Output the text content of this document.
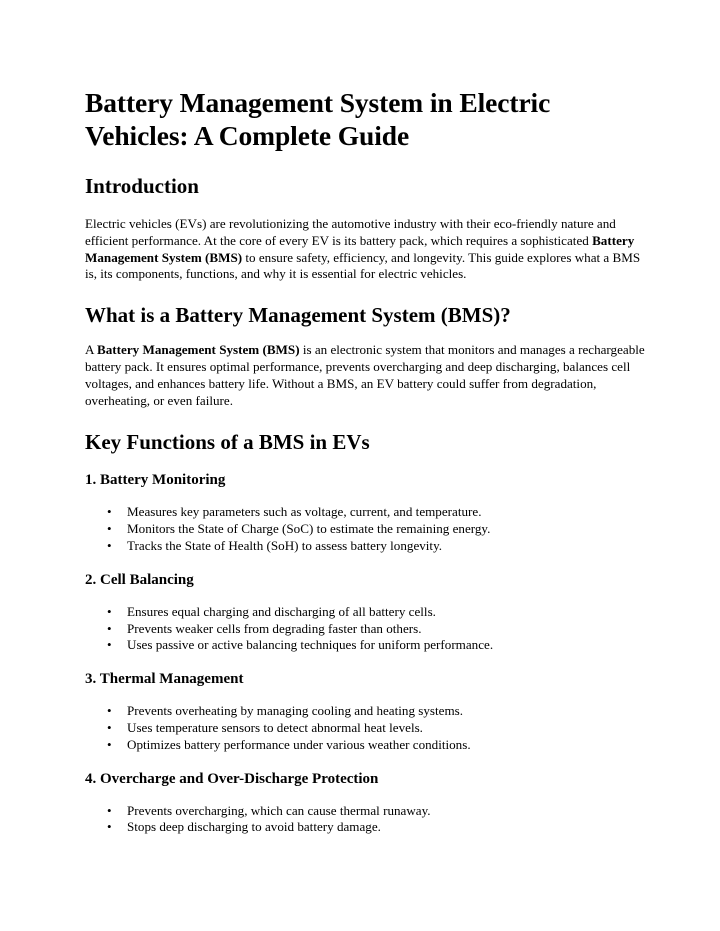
Battery Management System in Electric Vehicles: A Complete Guide
Introduction

Electric vehicles (EVs) are revolutionizing the automotive industry with their eco-friendly nature and efficient performance. At the core of every EV is its battery pack, which requires a sophisticated Battery Management System (BMS) to ensure safety, efficiency, and longevity. This guide explores what a BMS is, its components, functions, and why it is essential for electric vehicles.

What is a Battery Management System (BMS)?

A Battery Management System (BMS) is an electronic system that monitors and manages a rechargeable battery pack. It ensures optimal performance, prevents overcharging and deep discharging, balances cell voltages, and enhances battery life. Without a BMS, an EV battery could suffer from degradation, overheating, or even failure.

Key Functions of a BMS in EVs
1. Battery Monitoring
• Measures key parameters such as voltage, current, and temperature.
• Monitors the State of Charge (SoC) to estimate the remaining energy.
• Tracks the State of Health (SoH) to assess battery longevity.
2. Cell Balancing
• Ensures equal charging and discharging of all battery cells.
• Prevents weaker cells from degrading faster than others.
• Uses passive or active balancing techniques for uniform performance.
3. Thermal Management
• Prevents overheating by managing cooling and heating systems.
• Uses temperature sensors to detect abnormal heat levels.
• Optimizes battery performance under various weather conditions.
4. Overcharge and Over-Discharge Protection
• Prevents overcharging, which can cause thermal runaway.
• Stops deep discharging to avoid battery damage.
